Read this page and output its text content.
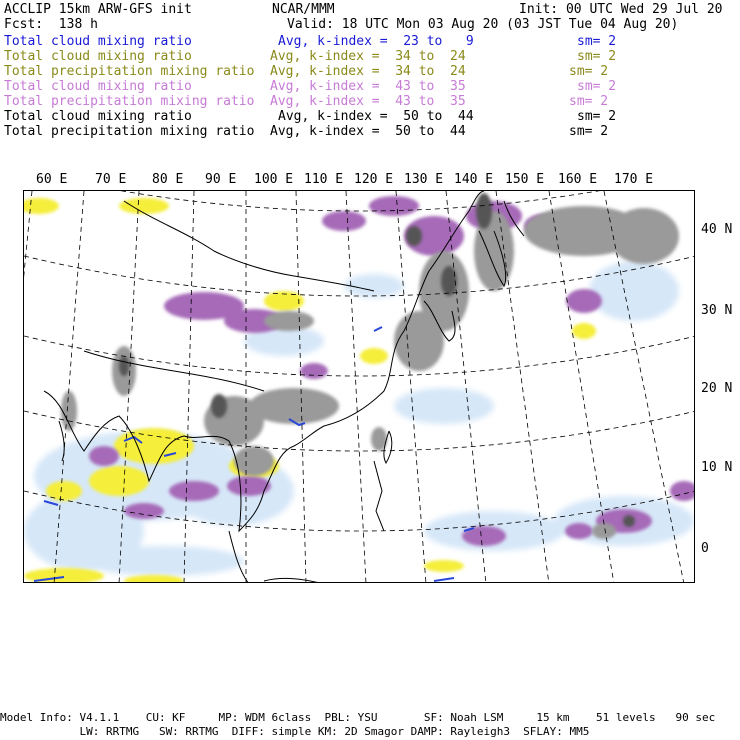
ACCLIP 15km ARW-GFS init	NCAR/MMM	Init: 00 UTC Wed 29 Jul 20
Fcst:  138 h	Valid: 18 UTC Mon 03 Aug 20 (03 JST Tue 04 Aug 20)
Total cloud mixing ratio	Avg, k-index =  23 to   9	sm= 2
Total cloud mixing ratio	Avg, k-index =  34 to  24	sm= 2
Total precipitation mixing ratio Avg, k-index =  34 to  24	sm= 2
Total cloud mixing ratio	Avg, k-index =  43 to  35	sm= 2
Total precipitation mixing ratio Avg, k-index =  43 to  35	sm= 2
Total cloud mixing ratio	Avg, k-index =  50 to  44	sm= 2
Total precipitation mixing ratio Avg, k-index =  50 to  44	sm= 2
60 E 70 E 80 E 90 E 100 E 110 E 120 E 130 E 140 E 150 E 160 E 170 E
40 N
30 N
20 N
10 N
0
Model Info: V4.1.1    CU: KF     MP: WDM 6class  PBL: YSU       SF: Noah LSM     15 km    51 levels   90 sec
LW: RRTMG   SW: RRTMG  DIFF: simple KM: 2D Smagor DAMP: Rayleigh3  SFLAY: MM5
